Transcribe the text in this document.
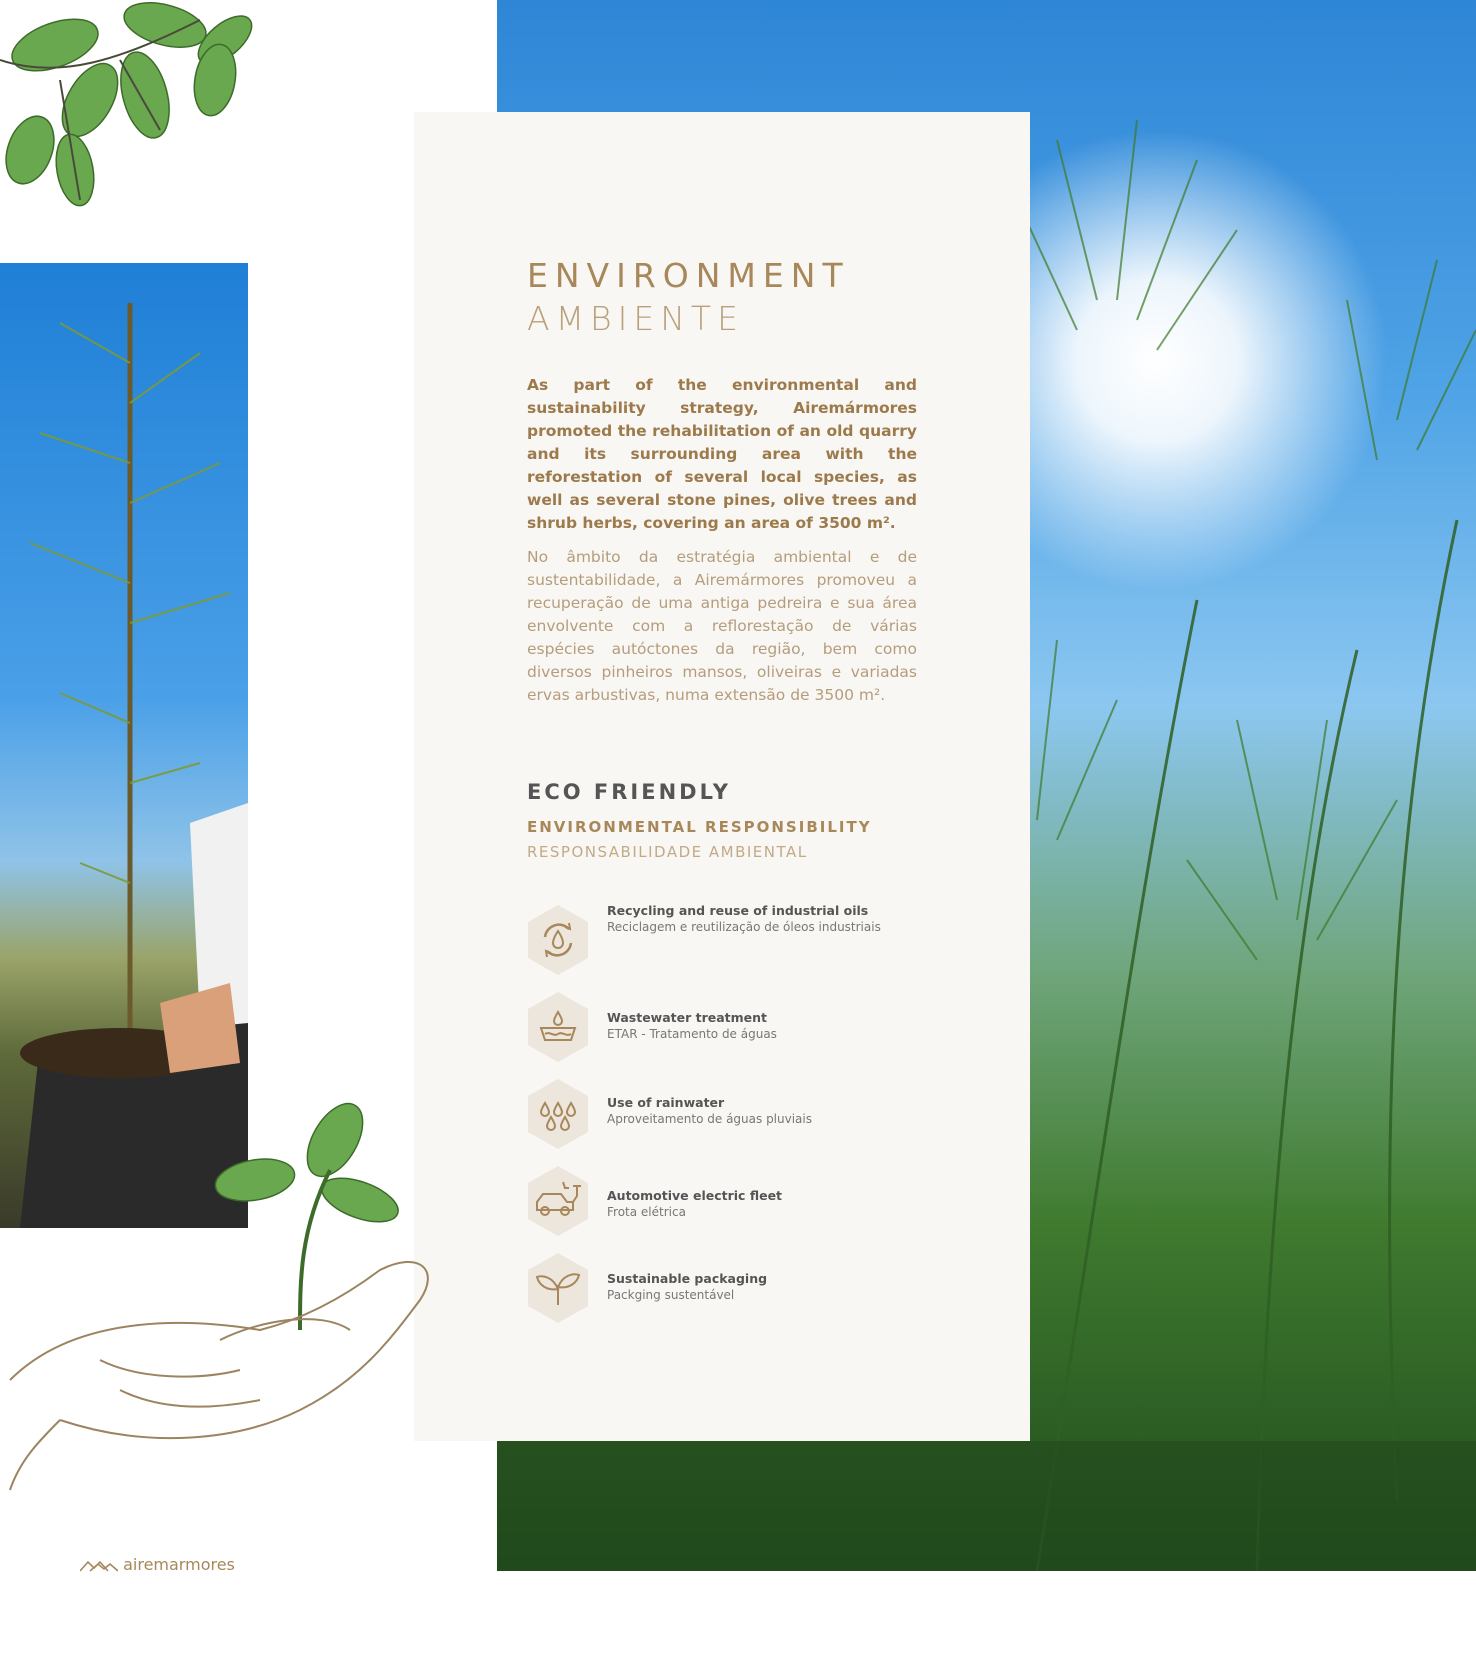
ENVIRONMENT
AMBIENTE
As part of the environmental and sustainability strategy, Airemármores promoted the rehabilitation of an old quarry and its surrounding area with the reforestation of several local species, as well as several stone pines, olive trees and shrub herbs, covering an area of 3500 m².
No âmbito da estratégia ambiental e de sustentabilidade, a Airemármores promoveu a recuperação de uma antiga pedreira e sua área envolvente com a reflorestação de várias espécies autóctones da região, bem como diversos pinheiros mansos, oliveiras e variadas ervas arbustivas, numa extensão de 3500 m².
ECO FRIENDLY
ENVIRONMENTAL RESPONSIBILITY
RESPONSABILIDADE AMBIENTAL
Recycling and reuse of industrial oils
Reciclagem e reutilização de óleos industriais
Wastewater treatment
ETAR - Tratamento de águas
Use of rainwater
Aproveitamento de águas pluviais
Automotive electric fleet
Frota elétrica
Sustainable packaging
Packging sustentável
airemarmores
airemarmores
